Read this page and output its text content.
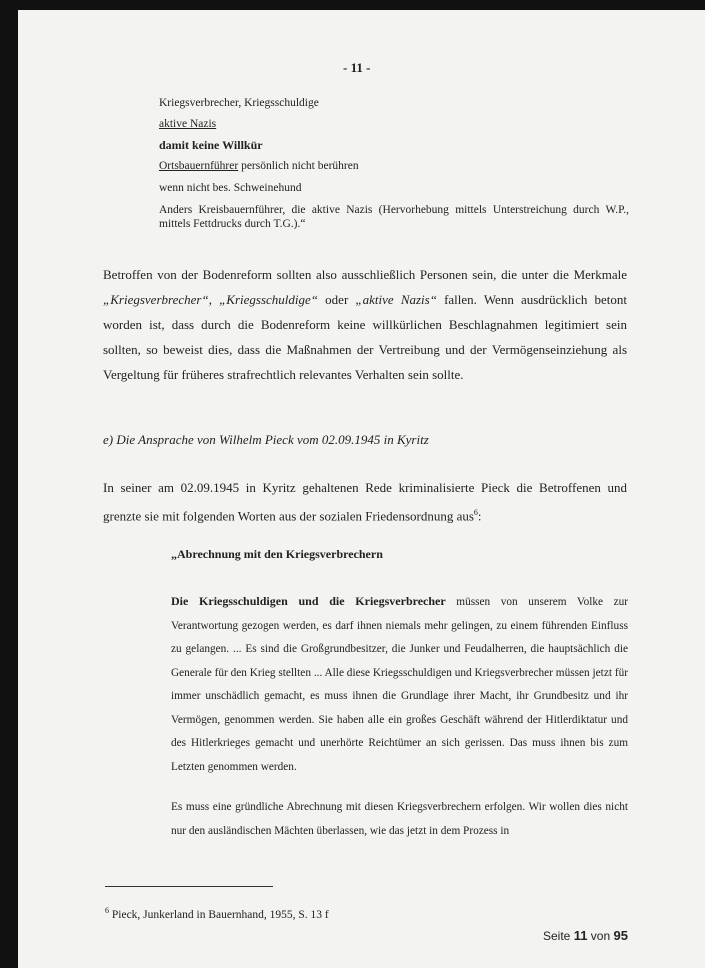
- 11 -
Kriegsverbrecher, Kriegsschuldige
aktive Nazis
damit keine Willkür
Ortsbauernführer persönlich nicht berühren
wenn nicht bes. Schweinehund
Anders Kreisbauernführer, die aktive Nazis (Hervorhebung mittels Unterstreichung durch W.P., mittels Fettdrucks durch T.G.).“
Betroffen von der Bodenreform sollten also ausschließlich Personen sein, die unter die Merkmale „Kriegsverbrecher“, „Kriegsschuldige“ oder „aktive Nazis“ fallen. Wenn ausdrücklich betont worden ist, dass durch die Bodenreform keine willkürlichen Beschlagnahmen legitimiert sein sollten, so beweist dies, dass die Maßnahmen der Vertreibung und der Vermögenseinziehung als Vergeltung für früheres strafrechtlich relevantes Verhalten sein sollte.
e) Die Ansprache von Wilhelm Pieck vom 02.09.1945 in Kyritz
In seiner am 02.09.1945 in Kyritz gehaltenen Rede kriminalisierte Pieck die Betroffenen und grenzte sie mit folgenden Worten aus der sozialen Friedensordnung aus$^6$:
„Abrechnung mit den Kriegsverbrechern
Die Kriegsschuldigen und die Kriegsverbrecher müssen von unserem Volke zur Verantwortung gezogen werden, es darf ihnen niemals mehr gelingen, zu einem führenden Einfluss zu gelangen. ... Es sind die Großgrundbesitzer, die Junker und Feudalherren, die hauptsächlich die Generale für den Krieg stellten ... Alle diese Kriegsschuldigen und Kriegsverbrecher müssen jetzt für immer unschädlich gemacht, es muss ihnen die Grundlage ihrer Macht, ihr Grundbesitz und ihr Vermögen, genommen werden. Sie haben alle ein großes Geschäft während der Hitlerdiktatur und des Hitlerkrieges gemacht und unerhörte Reichtümer an sich gerissen. Das muss ihnen bis zum Letzten genommen werden.
Es muss eine gründliche Abrechnung mit diesen Kriegsverbrechern erfolgen. Wir wollen dies nicht nur den ausländischen Mächten überlassen, wie das jetzt in dem Prozess in
$^6$ Pieck, Junkerland in Bauernhand, 1955, S. 13 f
Seite 11 von 95
